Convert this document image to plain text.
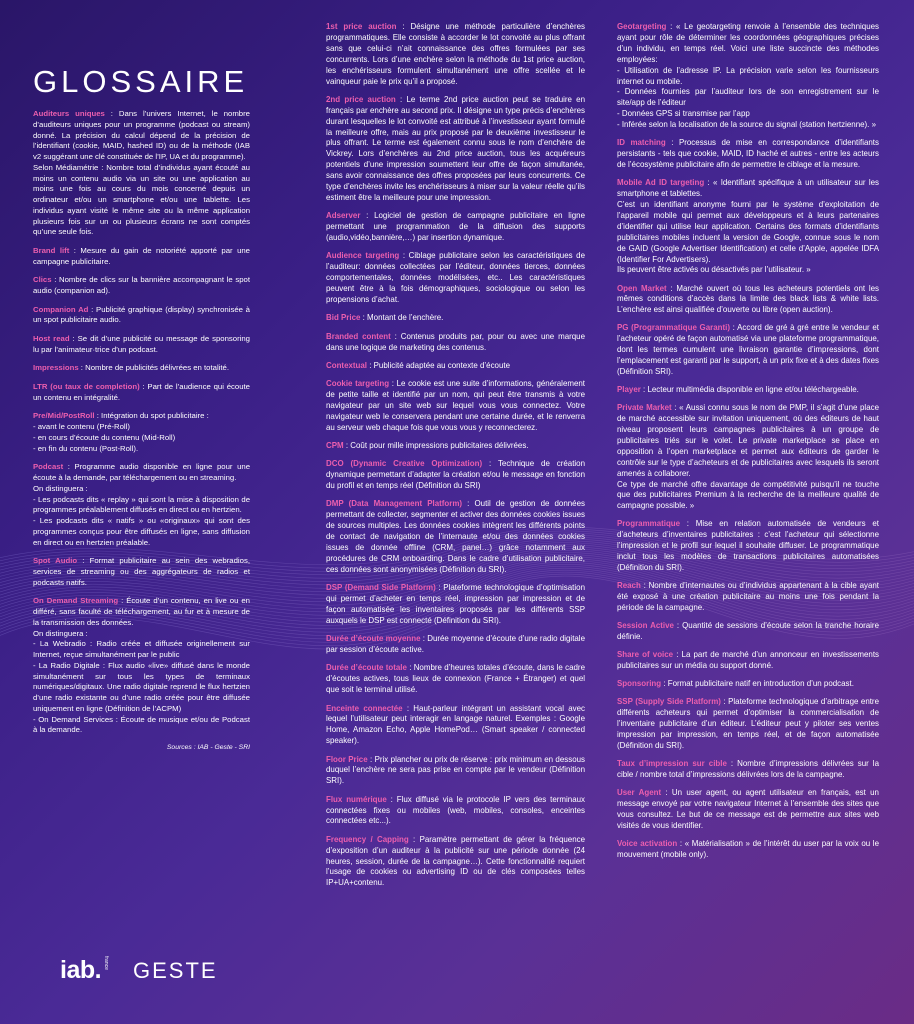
GLOSSAIRE
Auditeurs uniques : Dans l’univers Internet, le nombre d’auditeurs uniques pour un programme (podcast ou stream) donné. La précision du calcul dépend de la précision de l’identifiant (cookie, MAID, hashed ID) ou de la méthode (IAB v2 suggérant une clé constituée de l’IP, UA et du programme).
Selon Médiamétrie : Nombre total d’individus ayant écouté au moins un contenu audio via un site ou une application au moins une fois au cours du mois concerné depuis un ordinateur et/ou un smartphone et/ou une tablette. Les individus ayant visité le même site ou la même application plusieurs fois sur un ou plusieurs écrans ne sont comptés qu’une seule fois.
Brand lift : Mesure du gain de notoriété apporté par une campagne publicitaire.
Clics : Nombre de clics sur la bannière accompagnant le spot audio (companion ad).
Companion Ad : Publicité graphique (display) synchronisée à un spot publicitaire audio.
Host read : Se dit d’une publicité ou message de sponsoring lu par l’animateur·trice d’un podcast.
Impressions : Nombre de publicités délivrées en totalité.
LTR (ou taux de completion) : Part de l’audience qui écoute un contenu en intégralité.
Pre/Mid/PostRoll : Intégration du spot publicitaire :
- avant le contenu (Pré-Roll)
- en cours d’écoute du contenu (Mid-Roll)
- en fin du contenu (Post-Roll).
Podcast : Programme audio disponible en ligne pour une écoute à la demande, par téléchargement ou en streaming.
On distinguera :
- Les podcasts dits « replay » qui sont la mise à disposition de programmes préalablement diffusés en direct ou en hertzien.
- Les podcasts dits « natifs » ou «originaux» qui sont des programmes conçus pour être diffusés en ligne, sans diffusion en direct ou en hertzien préalable.
Spot Audio : Format publicitaire au sein des webradios, services de streaming ou des aggrégateurs de radios et podcasts natifs.
On Demand Streaming : Écoute d’un contenu, en live ou en différé, sans faculté de téléchargement, au fur et à mesure de la transmission des données.
On distinguera :
- La Webradio : Radio créée et diffusée originellement sur Internet, reçue simultanément par le public
- La Radio Digitale : Flux audio «live» diffusé dans le monde simultanément sur tous les types de terminaux numériques/digitaux. Une radio digitale reprend le flux hertzien d’une radio existante ou d’une radio créée pour être diffusée uniquement en ligne (Définition de l’ACPM)
- On Demand Services : Écoute de musique et/ou de Podcast à la demande.
Sources : IAB - Geste - SRI
1st price auction : Désigne une méthode particulière d’enchères programmatiques. Elle consiste à accorder le lot convoité au plus offrant sans que celui-ci n’ait connaissance des offres formulées par ses concurrents. Lors d’une enchère selon la méthode du 1st price auction, les enchérisseurs formulent simultanément une offre scellée et le vainqueur paie le prix qu’il a proposé.
2nd price auction : Le terme 2nd price auction peut se traduire en français par enchère au second prix. Il désigne un type précis d’enchères durant lesquelles le lot convoité est attribué à l’investisseur ayant formulé la meilleure offre, mais au prix proposé par le deuxième investisseur le plus offrant. Le terme est également connu sous le nom d’enchère de Vickrey. Lors d’enchères au 2nd price auction, tous les acquéreurs potentiels d’une impression soumettent leur offre de façon simultanée, sans avoir connaissance des offres proposées par leurs concurrents. Ce type d’enchères invite les enchérisseurs à miser sur la valeur réelle qu’ils estiment être la meilleure pour une impression.
Adserver : Logiciel de gestion de campagne publicitaire en ligne permettant une programmation de la diffusion des supports (audio,vidéo,bannière,…) par insertion dynamique.
Audience targeting : Ciblage publicitaire selon les caractéristiques de l’auditeur: données collectées par l’éditeur, données tierces, données comportementales, données modélisées, etc.. Les caractéristiques peuvent être à la fois démographiques, sociologique ou selon les propensions d’achat.
Bid Price : Montant de l’enchère.
Branded content : Contenus produits par, pour ou avec une marque dans une logique de marketing des contenus.
Contextual : Publicité adaptée au contexte d’écoute
Cookie targeting : Le cookie est une suite d’informations, généralement de petite taille et identifié par un nom, qui peut être transmis à votre navigateur par un site web sur lequel vous vous connectez. Votre navigateur web le conservera pendant une certaine durée, et le renverra au serveur web chaque fois que vous vous y reconnecterez.
CPM : Coût pour mille impressions publicitaires délivrées.
DCO (Dynamic Creative Optimization) : Technique de création dynamique permettant d’adapter la création et/ou le message en fonction du profil et en temps réel (Définition du SRI)
DMP (Data Management Platform) : Outil de gestion de données permettant de collecter, segmenter et activer des données cookies issues de sources multiples. Les données cookies intègrent les différents points de contact de navigation de l’internaute et/ou des données cookies issues de donnée offline (CRM, panel…) grâce notamment aux procédures de CRM onboarding. Dans le cadre d’utilisation publicitaire, ces données sont anonymisées (Définition du SRI).
DSP (Demand Side Platform) : Plateforme technologique d’optimisation qui permet d’acheter en temps réel, impression par impression et de façon automatisée les inventaires proposés par les différents SSP auxquels le DSP est connecté (Définition du SRI).
Durée d’écoute moyenne : Durée moyenne d’écoute d’une radio digitale par session d’écoute active.
Durée d’écoute totale : Nombre d’heures totales d’écoute, dans le cadre d’écoutes actives, tous lieux de connexion (France + Étranger) et quel que soit le terminal utilisé.
Enceinte connectée : Haut-parleur intégrant un assistant vocal avec lequel l’utilisateur peut interagir en langage naturel. Exemples : Google Home, Amazon Echo, Apple HomePod… (Smart speaker / connected speaker).
Floor Price : Prix plancher ou prix de réserve : prix minimum en dessous duquel l’enchère ne sera pas prise en compte par le vendeur (Définition SRI).
Flux numérique : Flux diffusé via le protocole IP vers des terminaux connectées fixes ou mobiles (web, mobiles, consoles, enceintes connectées etc...).
Frequency / Capping : Paramètre permettant de gérer la fréquence d’exposition d’un auditeur à la publicité sur une période donnée (24 heures, session, durée de la campagne…). Cette fonctionnalité requiert l’usage de cookies ou advertising ID ou de clés composées telles IP+UA+contenu.
Geotargeting : « Le geotargeting renvoie à l’ensemble des techniques ayant pour rôle de déterminer les coordonnées géographiques précises d’un individu, en temps réel. Voici une liste succincte des méthodes employées:
- Utilisation de l’adresse IP. La précision varie selon les fournisseurs internet ou mobile.
- Données fournies par l’auditeur lors de son enregistrement sur le site/app de l’éditeur
- Données GPS si transmise par l’app
- Inférée selon la localisation de la source du signal (station hertzienne). »
ID matching : Processus de mise en correspondance d’identifiants persistants - tels que cookie, MAID, ID haché et autres - entre les acteurs de l’écosystème publicitaire afin de permettre le ciblage et la mesure.
Mobile Ad ID targeting : « Identifiant spécifique à un utilisateur sur les smartphone et tablettes.
C’est un identifiant anonyme fourni par le système d’exploitation de l’appareil mobile qui permet aux développeurs et à leurs partenaires d’identifier qui utilise leur application. Certains des formats d’identifiants publicitaires mobiles incluent la version de Google, connue sous le nom de GAID (Google Advertiser Identification) et celle d’Apple, appelée IDFA (Identifier For Advertisers).
Ils peuvent être activés ou désactivés par l’utilisateur. »
Open Market : Marché ouvert où tous les acheteurs potentiels ont les mêmes conditions d’accès dans la limite des black lists & white lists. L’enchère est ainsi qualifiée d’ouverte ou libre (open auction).
PG (Programmatique Garanti) : Accord de gré à gré entre le vendeur et l’acheteur opéré de façon automatisé via une plateforme programmatique, dont les termes cumulent une livraison garantie d’impressions, dont l’emplacement est garanti par le support, à un prix fixe et à des dates fixes (Définition SRI).
Player : Lecteur multimédia disponible en ligne et/ou téléchargeable.
Private Market : « Aussi connu sous le nom de PMP, il s’agit d’une place de marché accessible sur invitation uniquement, où des éditeurs de haut niveau proposent leurs campagnes publicitaires à un groupe de publicitaires triés sur le volet. Le private marketplace se place en opposition à l’open marketplace et permet aux éditeurs de garder le contrôle sur le type d’acheteurs et de publicitaires avec lesquels ils seront amenés à collaborer.
Ce type de marché offre davantage de compétitivité puisqu’il ne touche que des publicitaires Premium à la recherche de la meilleure qualité de campagne possible. »
Programmatique : Mise en relation automatisée de vendeurs et d’acheteurs d’inventaires publicitaires : c’est l’acheteur qui sélectionne l’impression et le profil sur lequel il souhaite diffuser. Le programmatique inclut tous les modèles de transactions publicitaires automatisées (Définition du SRI).
Reach : Nombre d’internautes ou d’individus appartenant à la cible ayant été exposé à une création publicitaire au moins une fois pendant la période de la campagne.
Session Active : Quantité de sessions d’écoute selon la tranche horaire définie.
Share of voice : La part de marché d’un annonceur en investissements publicitaires sur un média ou support donné.
Sponsoring : Format publicitaire natif en introduction d’un podcast.
SSP (Supply Side Platform) : Plateforme technologique d’arbitrage entre différents acheteurs qui permet d’optimiser la commercialisation de l’inventaire publicitaire d’un éditeur. L’éditeur peut y piloter ses ventes impression par impression, en temps réel, et de façon automatisée (Définition du SRI).
Taux d’impression sur cible : Nombre d’impressions délivrées sur la cible / nombre total d’impressions délivrées lors de la campagne.
User Agent : Un user agent, ou agent utilisateur en français, est un message envoyé par votre navigateur Internet à l’ensemble des sites que vous consultez. Le but de ce message est de permettre aux sites web visités de vous identifier.
Voice activation : « Matérialisation » de l’intérêt du user par la voix ou le mouvement (mobile only).
iab. france GESTE
